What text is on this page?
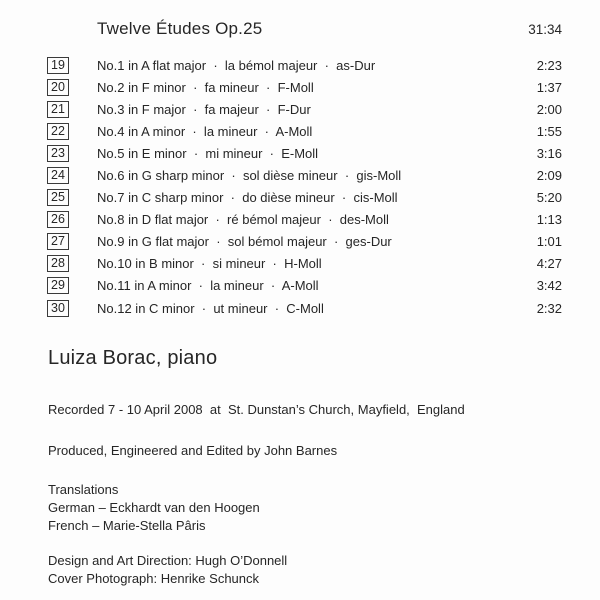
Twelve Études Op.25	31:34
19	No.1 in A flat major  ·  la bémol majeur  ·  as-Dur	2:23
20	No.2 in F minor  ·  fa mineur  ·  F-Moll	1:37
21	No.3 in F major  ·  fa majeur  ·  F-Dur	2:00
22	No.4 in A minor  ·  la mineur  ·  A-Moll	1:55
23	No.5 in E minor  ·  mi mineur  ·  E-Moll	3:16
24	No.6 in G sharp minor  ·  sol dièse mineur  ·  gis-Moll	2:09
25	No.7 in C sharp minor  ·  do dièse mineur  ·  cis-Moll	5:20
26	No.8 in D flat major  ·  ré bémol majeur  ·  des-Moll	1:13
27	No.9 in G flat major  ·  sol bémol majeur  ·  ges-Dur	1:01
28	No.10 in B minor  ·  si mineur  ·  H-Moll	4:27
29	No.11 in A minor  ·  la mineur  ·  A-Moll	3:42
30	No.12 in C minor  ·  ut mineur  ·  C-Moll	2:32
Luiza Borac, piano
Recorded 7 - 10 April 2008  at  St. Dunstan’s Church, Mayfield,  England
Produced, Engineered and Edited by John Barnes
Translations
German – Eckhardt van den Hoogen
French – Marie-Stella Pâris
Design and Art Direction: Hugh O’Donnell
Cover Photograph: Henrike Schunck
